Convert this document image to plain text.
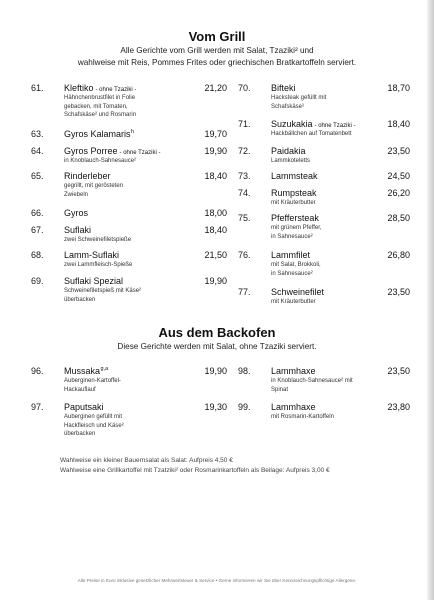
Vom Grill
Alle Gerichte vom Grill werden mit Salat, Tzaziki² und
wahlweise mit Reis, Pommes Frites oder griechischen Bratkartoffeln serviert.
61. Kleftiko - ohne Tzaziki -
Hähnchenbrustfilet in Folie
gebacken, mit Tomaten,
Schafskäse² und Rosmarin
21,20
63. Gyros Kalamaris$^h$	19,70
64. Gyros Porree - ohne Tzaziki -
in Knoblauch-Sahnesauce²
19,90
65. Rinderleber
gegrillt, mit gerösteten
Zwiebeln
18,40
66. Gyros	18,00
67. Suflaki
zwei Schweinefiletspieße
18,40
68. Lamm-Suflaki
zwei Lammfleisch-Spieße
21,50
69. Suflaki Spezial
Schweinefiletspieß mit Käse²
überbacken
19,90
70. Bifteki
Hacksteak gefüllt mit
Schafskäse²
18,70
71. Suzukakia - ohne Tzaziki -
Hackbällchen auf Tomatenbett
18,40
72. Paidakia
Lammkoteletts
23,50
73. Lammsteak	24,50
74. Rumpsteak
mit Kräuterbutter
26,20
75. Pfeffersteak
mit grünem Pfeffer,
in Sahnesauce²
28,50
76. Lammfilet
mit Salat, Brokkoli,
in Sahnesauce²
26,80
77. Schweinefilet
mit Kräuterbutter
23,50
Aus dem Backofen
Diese Gerichte werden mit Salat, ohne Tzaziki serviert.
96. Mussaka$^{g,a}$
Auberginen-Kartoffel-
Hackauflauf
19,90
97. Paputsaki
Auberginen gefüllt mit
Hackfleisch und Käse²
überbacken
19,30
98. Lammhaxe
in Knoblauch-Sahnesauce² mit
Spinat
23,50
99. Lammhaxe
mit Rosmarin-Kartoffeln
23,80
Wahlweise ein kleiner Bauernsalat als Salat: Aufpreis 4,50 €
Wahlweise eine Grillkartoffel mit Tzatziki² oder Rosmarinkartoffeln als Beilage: Aufpreis 3,00 €
Alle Preise in Euro inklusive gesetzlicher Mehrwertsteuer & Service • Gerne informieren wir Sie über Kennzeichnungspflichtige Allergene.
